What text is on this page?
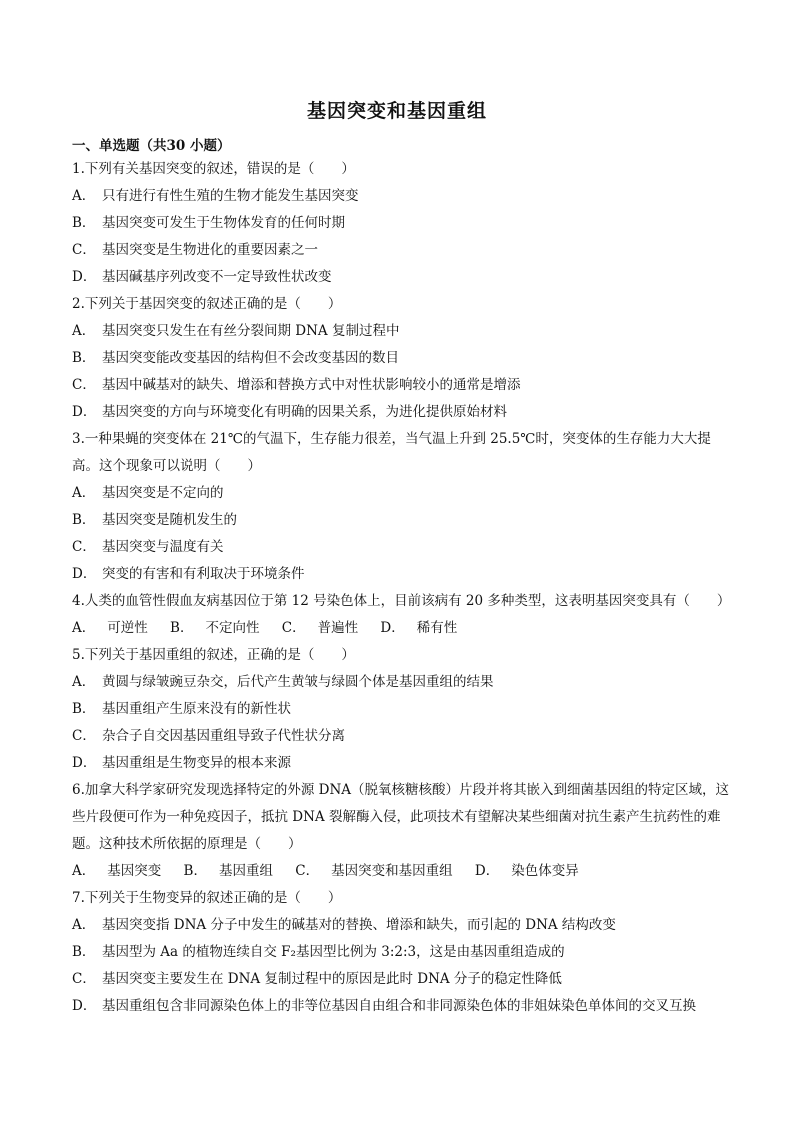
基因突变和基因重组
一、单选题（共30 小题）
1.下列有关基因突变的叙述，错误的是（　　）
A． 只有进行有性生殖的生物才能发生基因突变
B． 基因突变可发生于生物体发育的任何时期
C． 基因突变是生物进化的重要因素之一
D． 基因碱基序列改变不一定导致性状改变
2.下列关于基因突变的叙述正确的是（　　）
A． 基因突变只发生在有丝分裂间期 DNA 复制过程中
B． 基因突变能改变基因的结构但不会改变基因的数目
C． 基因中碱基对的缺失、增添和替换方式中对性状影响较小的通常是增添
D． 基因突变的方向与环境变化有明确的因果关系，为进化提供原始材料
3.一种果蝇的突变体在 21℃的气温下，生存能力很差，当气温上升到 25.5℃时，突变体的生存能力大大提高。这个现象可以说明（　　）
A． 基因突变是不定向的
B． 基因突变是随机发生的
C． 基因突变与温度有关
D． 突变的有害和有利取决于环境条件
4.人类的血管性假血友病基因位于第 12 号染色体上，目前该病有 20 多种类型，这表明基因突变具有（　　）
A． 可逆性 B． 不定向性 C． 普遍性 D． 稀有性
5.下列关于基因重组的叙述，正确的是（　　）
A． 黄圆与绿皱豌豆杂交，后代产生黄皱与绿圆个体是基因重组的结果
B． 基因重组产生原来没有的新性状
C． 杂合子自交因基因重组导致子代性状分离
D． 基因重组是生物变异的根本来源
6.加拿大科学家研究发现选择特定的外源 DNA（脱氧核糖核酸）片段并将其嵌入到细菌基因组的特定区域，这些片段便可作为一种免疫因子，抵抗 DNA 裂解酶入侵，此项技术有望解决某些细菌对抗生素产生抗药性的难题。这种技术所依据的原理是（　　）
A． 基因突变 B． 基因重组 C． 基因突变和基因重组 D． 染色体变异
7.下列关于生物变异的叙述正确的是（　　）
A． 基因突变指 DNA 分子中发生的碱基对的替换、增添和缺失，而引起的 DNA 结构改变
B． 基因型为 Aa 的植物连续自交 F₂基因型比例为 3:2:3，这是由基因重组造成的
C． 基因突变主要发生在 DNA 复制过程中的原因是此时 DNA 分子的稳定性降低
D． 基因重组包含非同源染色体上的非等位基因自由组合和非同源染色体的非姐妹染色单体间的交叉互换
